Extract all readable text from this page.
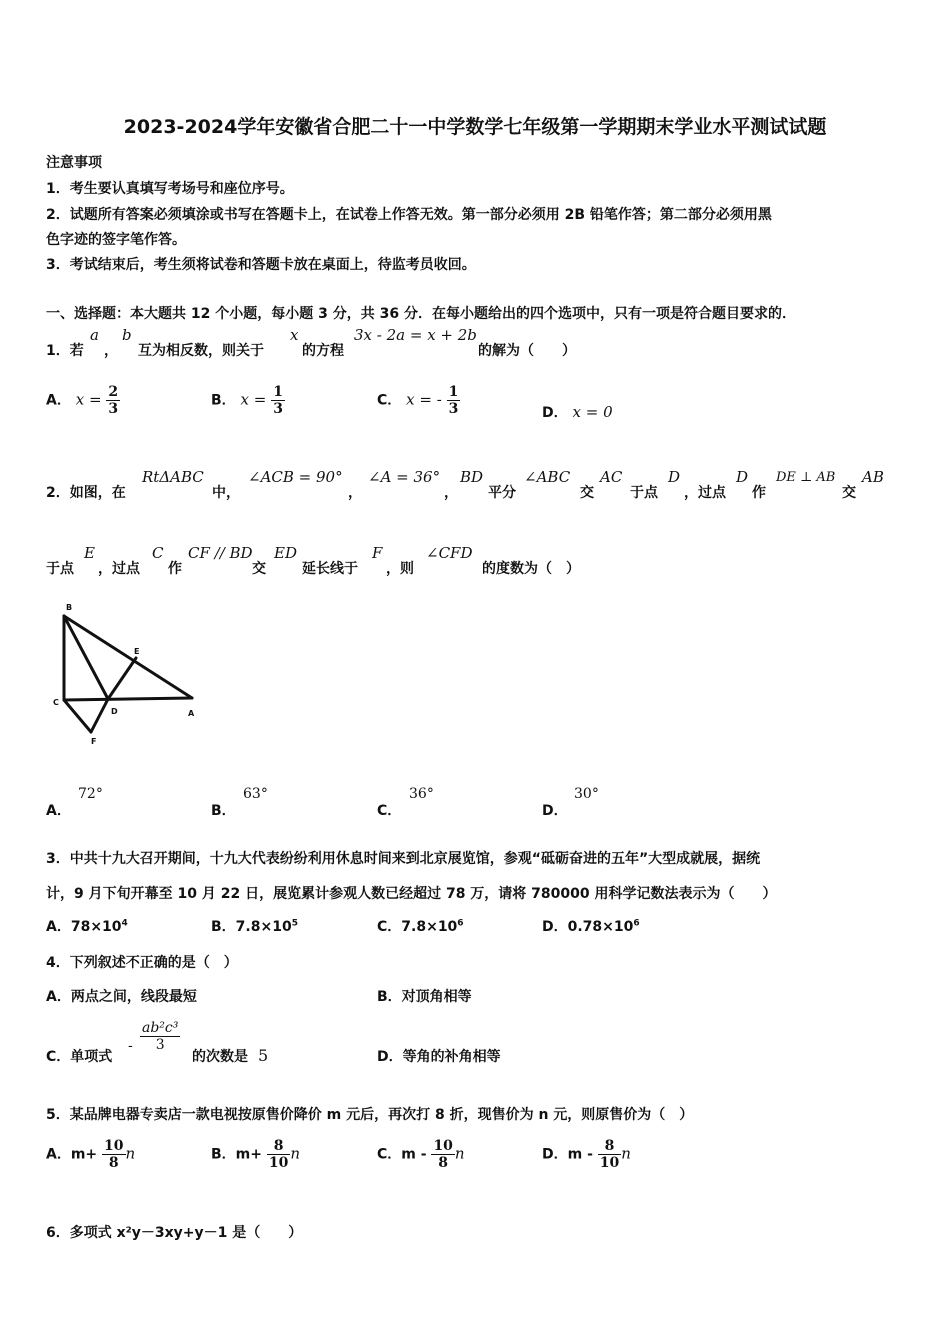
2023-2024学年安徽省合肥二十一中学数学七年级第一学期期末学业水平测试试题
注意事项
1．考生要认真填写考场号和座位序号。
2．试题所有答案必须填涂或书写在答题卡上，在试卷上作答无效。第一部分必须用 2B 铅笔作答；第二部分必须用黑
色字迹的签字笔作答。
3．考试结束后，考生须将试卷和答题卡放在桌面上，待监考员收回。
一、选择题：本大题共 12 个小题，每小题 3 分，共 36 分．在每小题给出的四个选项中，只有一项是符合题目要求的．
1．若
a
，
b
互为相反数，则关于
x
的方程
3x - 2a = x + 2b
的解为（　　）
A． $x = \frac{2}{3}$	B． $x = \frac{1}{3}$	C． x = - $\frac{1}{3}$	D． x = 0
2．如图，在
RtΔABC
中，
∠ACB = 90°
，
∠A = 36°
，
BD
平分
∠ABC
交
AC
于点
D
，过点
D
作
DE ⊥ AB
交
AB
于点
E
，过点
C
作
CF // BD
交
ED
延长线于
F
，则
∠CFD
的度数为（　）
B
E
C
D	A
F
A．
72°
B．
63°
C．
36°
D．
30°
3．中共十九大召开期间，十九大代表纷纷利用休息时间来到北京展览馆，参观“砥砺奋进的五年”大型成就展，据统
计，9 月下旬开幕至 10 月 22 日，展览累计参观人数已经超过 78 万，请将 780000 用科学记数法表示为（　　）
A．$78\times 10^4$	B．$7.8\times 10^5$	C．$7.8\times 10^6$	D．$0.78\times 10^6$
4．下列叙述不正确的是（　）
A．两点之间，线段最短	B．对顶角相等
C．单项式
- $\frac{\text{ab²c³}}{3}$
的次数是 5	D．等角的补角相等
5．某品牌电器专卖店一款电视按原售价降价 m 元后，再次打 8 折，现售价为 n 元，则原售价为（　）
A．$m+ \frac{10}{8}$ n	B．$m+ \frac{8}{10}$ n	C．m - $\frac{10}{8}$ n	D．m - $\frac{8}{10}$ n
6．多项式 x²y－3xy+y－1 是（　　）
